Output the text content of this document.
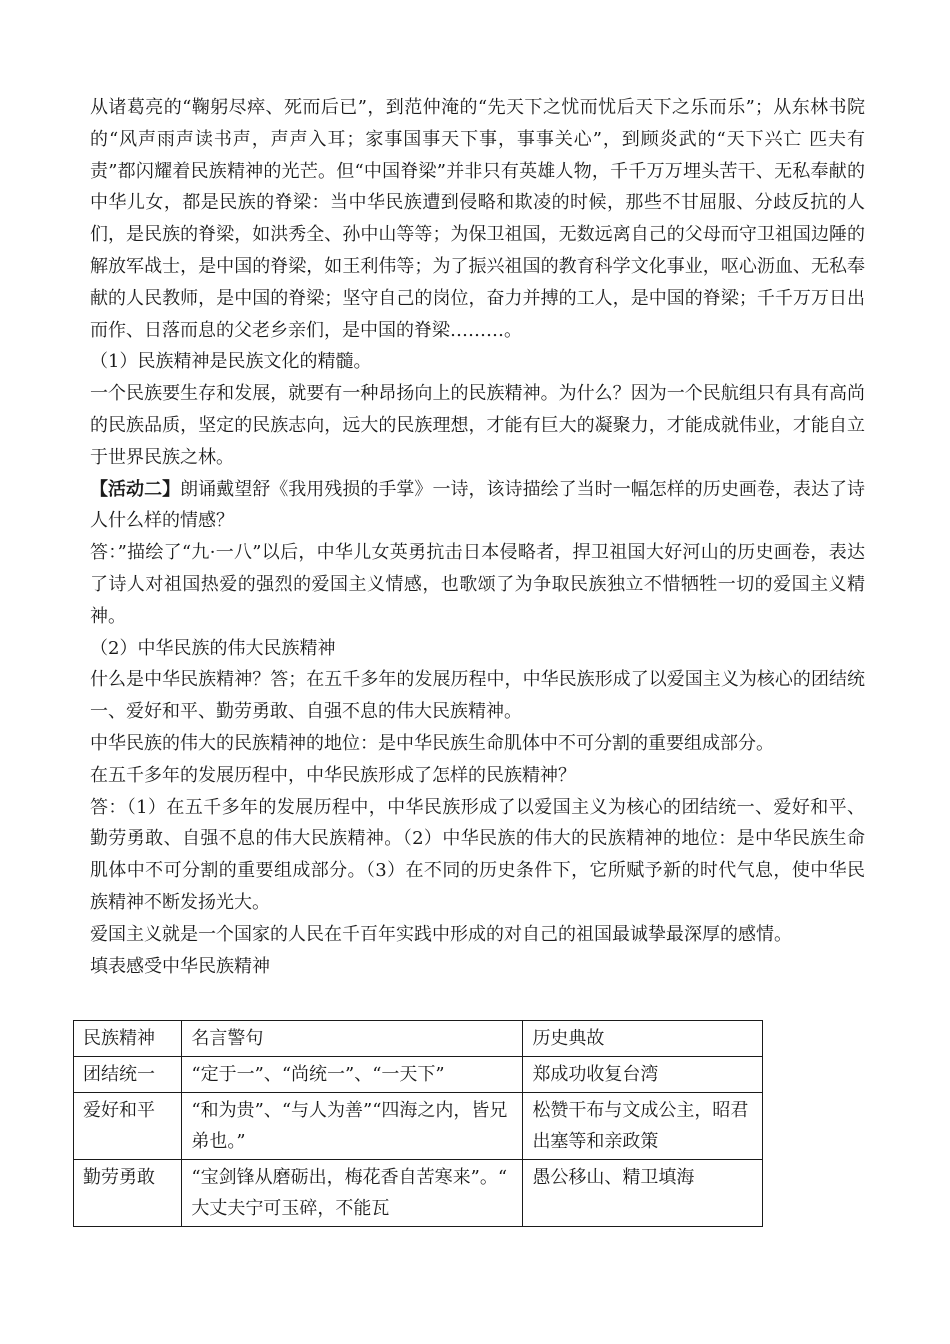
从诸葛亮的“鞠躬尽瘁、死而后已”，到范仲淹的“先天下之忧而忧后天下之乐而乐”；从东林书院的“风声雨声读书声，声声入耳；家事国事天下事，事事关心”，到顾炎武的“天下兴亡 匹夫有责”都闪耀着民族精神的光芒。但“中国脊梁”并非只有英雄人物，千千万万埋头苦干、无私奉献的中华儿女，都是民族的脊梁：当中华民族遭到侵略和欺凌的时候，那些不甘屈服、分歧反抗的人们，是民族的脊梁，如洪秀全、孙中山等等；为保卫祖国，无数远离自己的父母而守卫祖国边陲的解放军战士，是中国的脊梁，如王利伟等；为了振兴祖国的教育科学文化事业，呕心沥血、无私奉献的人民教师，是中国的脊梁；坚守自己的岗位，奋力并搏的工人，是中国的脊梁；千千万万日出而作、日落而息的父老乡亲们，是中国的脊梁………。

（1）民族精神是民族文化的精髓。

一个民族要生存和发展，就要有一种昂扬向上的民族精神。为什么？因为一个民航组只有具有高尚的民族品质，坚定的民族志向，远大的民族理想，才能有巨大的凝聚力，才能成就伟业，才能自立于世界民族之林。

【活动二】朗诵戴望舒《我用残损的手掌》一诗，该诗描绘了当时一幅怎样的历史画卷，表达了诗人什么样的情感？

答：”描绘了“九·一八”以后，中华儿女英勇抗击日本侵略者，捍卫祖国大好河山的历史画卷，表达了诗人对祖国热爱的强烈的爱国主义情感，也歌颂了为争取民族独立不惜牺牲一切的爱国主义精神。

（2）中华民族的伟大民族精神

什么是中华民族精神？答；在五千多年的发展历程中，中华民族形成了以爱国主义为核心的团结统一、爱好和平、勤劳勇敢、自强不息的伟大民族精神。

中华民族的伟大的民族精神的地位：是中华民族生命肌体中不可分割的重要组成部分。

在五千多年的发展历程中，中华民族形成了怎样的民族精神？

答：（1）在五千多年的发展历程中，中华民族形成了以爱国主义为核心的团结统一、爱好和平、勤劳勇敢、自强不息的伟大民族精神。（2）中华民族的伟大的民族精神的地位：是中华民族生命肌体中不可分割的重要组成部分。（3）在不同的历史条件下，它所赋予新的时代气息，使中华民族精神不断发扬光大。

爱国主义就是一个国家的人民在千百年实践中形成的对自己的祖国最诚挚最深厚的感情。

填表感受中华民族精神

民族精神	名言警句	历史典故
团结统一	“定于一”、“尚统一”、“一天下”	郑成功收复台湾
爱好和平	“和为贵”、“与人为善”“四海之内，皆兄弟也。”	松赞干布与文成公主，昭君出塞等和亲政策
勤劳勇敢	“宝剑锋从磨砺出，梅花香自苦寒来”。“ 大丈夫宁可玉碎，不能瓦	愚公移山、精卫填海
